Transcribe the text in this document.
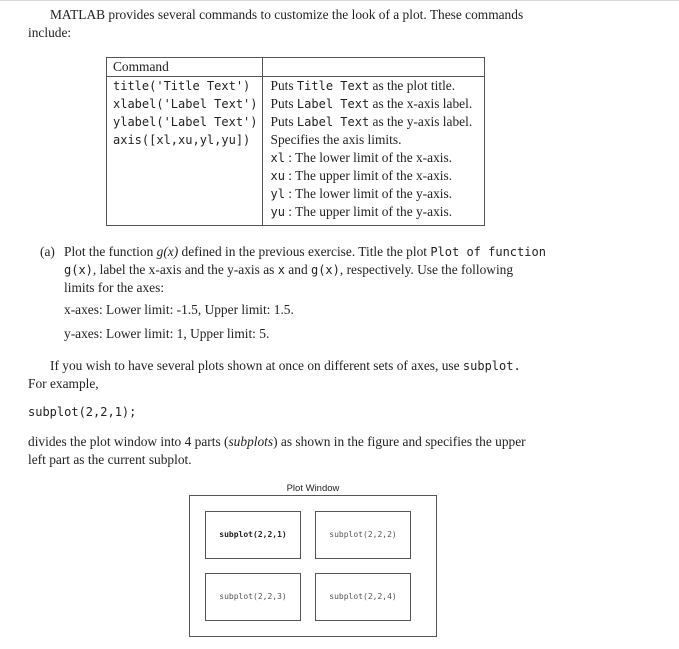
MATLAB provides several commands to customize the look of a plot. These commands
include:

Command	
title('Title Text')	Puts Title Text as the plot title.
xlabel('Label Text')	Puts Label Text as the x-axis label.
ylabel('Label Text')	Puts Label Text as the y-axis label.
axis([xl,xu,yl,yu])	Specifies the axis limits.
	xl : The lower limit of the x-axis.
	xu : The upper limit of the x-axis.
	yl : The lower limit of the y-axis.
	yu : The upper limit of the y-axis.

(a) Plot the function g(x) defined in the previous exercise. Title the plot Plot of function
g(x), label the x-axis and the y-axis as x and g(x), respectively. Use the following
limits for the axes:
x-axes: Lower limit: -1.5, Upper limit: 1.5.
y-axes: Lower limit: 1, Upper limit: 5.

If you wish to have several plots shown at once on different sets of axes, use subplot.
For example,

subplot(2,2,1);

divides the plot window into 4 parts (subplots) as shown in the figure and specifies the upper
left part as the current subplot.

Plot Window
subplot(2,2,1)	subplot(2,2,2)
subplot(2,2,3)	subplot(2,2,4)
